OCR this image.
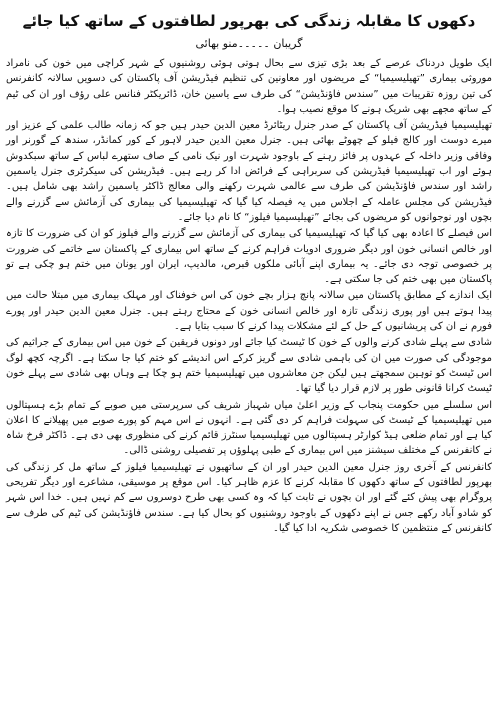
دکھوں کا مقابلہ زندگی کی بھرپور لطافتوں کے ساتھ کیا جائے
گریبان ۔۔۔۔۔منو بھائی

ایک طویل دردناک عرصے کے بعد بڑی تیزی سے بحال ہوتی ہوئی روشنیوں کے شہر کراچی میں خون کی نامراد موروثی بیماری ”تھیلیسیمیا“ کے مریضوں اور معاونین کی تنظیم فیڈریشن آف پاکستان کی دسویں سالانہ کانفرنس کی تین روزہ تقریبات میں ”سندس فاؤنڈیشن“ کی طرف سے یاسین خان، ڈائریکٹر فنانس علی رؤف اور ان کی ٹیم کے ساتھ مجھے بھی شریک ہونے کا موقع نصیب ہوا۔

تھیلیسیمیا فیڈریشن آف پاکستان کے صدر جنرل ریٹائرڈ معین الدین حیدر ہیں جو کہ زمانہ طالب علمی کے عزیز اور میرے دوست اور کالج فیلو کے چھوٹے بھائی ہیں۔ جنرل معین الدین حیدر لاہور کے کور کمانڈر، سندھ کے گورنر اور وفاقی وزیر داخلہ کے عہدوں پر فائز رہنے کے باوجود شہرت اور نیک نامی کے صاف ستھرے لباس کے ساتھ سبکدوش ہوئے اور اب تھیلیسیمیا فیڈریشن کی سربراہی کے فرائض ادا کر رہے ہیں۔ فیڈریشن کی سیکرٹری جنرل یاسمین راشد اور سندس فاؤنڈیشن کی طرف سے عالمی شہرت رکھنے والی معالج ڈاکٹر یاسمین راشد بھی شامل ہیں۔ فیڈریشن کی مجلس عاملہ کے اجلاس میں یہ فیصلہ کیا گیا کہ تھیلیسیمیا کی بیماری کی آزمائش سے گزرنے والے بچوں اور نوجوانوں کو مریضوں کی بجائے ”تھیلیسیمیا فیلوز“ کا نام دیا جائے۔

اس فیصلے کا اعادہ بھی کیا گیا کہ تھیلیسیمیا کی بیماری کی آزمائش سے گزرنے والے فیلوز کو ان کی ضرورت کا تازہ اور خالص انسانی خون اور دیگر ضروری ادویات فراہم کرنے کے ساتھ اس بیماری کے پاکستان سے خاتمے کی ضرورت پر خصوصی توجہ دی جائے۔ یہ بیماری اپنے آبائی ملکوں قبرص، مالدیپ، ایران اور یونان میں ختم ہو چکی ہے تو پاکستان میں بھی ختم کی جا سکتی ہے۔

ایک اندازے کے مطابق پاکستان میں سالانہ پانچ ہزار بچے خون کی اس خوفناک اور مہلک بیماری میں مبتلا حالت میں پیدا ہوتے ہیں اور پوری زندگی تازہ اور خالص انسانی خون کے محتاج رہتے ہیں۔ جنرل معین الدین حیدر اور پورے فورم نے ان کی پریشانیوں کے حل کے لئے مشکلات پیدا کرنے کا سبب بتایا ہے۔

شادی سے پہلے شادی کرنے والوں کے خون کا ٹیسٹ کیا جائے اور دونوں فریقین کے خون میں اس بیماری کے جراثیم کی موجودگی کی صورت میں ان کی باہمی شادی سے گریز کرکے اس اندیشے کو ختم کیا جا سکتا ہے۔ اگرچہ کچھ لوگ اس ٹیسٹ کو توہین سمجھتے ہیں لیکن جن معاشروں میں تھیلیسیمیا ختم ہو چکا ہے وہاں بھی شادی سے پہلے خون ٹیسٹ کرانا قانونی طور پر لازم قرار دیا گیا تھا۔

اس سلسلے میں حکومت پنجاب کے وزیر اعلیٰ میاں شہباز شریف کی سرپرستی میں صوبے کے تمام بڑے ہسپتالوں میں تھیلیسیمیا کے ٹیسٹ کی سہولت فراہم کر دی گئی ہے۔ انہوں نے اس مہم کو پورے صوبے میں پھیلانے کا اعلان کیا ہے اور تمام ضلعی ہیڈ کوارٹر ہسپتالوں میں تھیلیسیمیا سنٹرز قائم کرنے کی منظوری بھی دی ہے۔ ڈاکٹر فرخ شاہ نے کانفرنس کے مختلف سیشنز میں اس بیماری کے طبی پہلوؤں پر تفصیلی روشنی ڈالی۔

کانفرنس کے آخری روز جنرل معین الدین حیدر اور ان کے ساتھیوں نے تھیلیسیمیا فیلوز کے ساتھ مل کر زندگی کی بھرپور لطافتوں کے ساتھ دکھوں کا مقابلہ کرنے کا عزم ظاہر کیا۔ اس موقع پر موسیقی، مشاعرے اور دیگر تفریحی پروگرام بھی پیش کئے گئے اور ان بچوں نے ثابت کیا کہ وہ کسی بھی طرح دوسروں سے کم نہیں ہیں۔ خدا اس شہر کو شادو آباد رکھے جس نے اپنے دکھوں کے باوجود روشنیوں کو بحال کیا ہے۔ سندس فاؤنڈیشن کی ٹیم کی طرف سے کانفرنس کے منتظمین کا خصوصی شکریہ ادا کیا گیا۔
